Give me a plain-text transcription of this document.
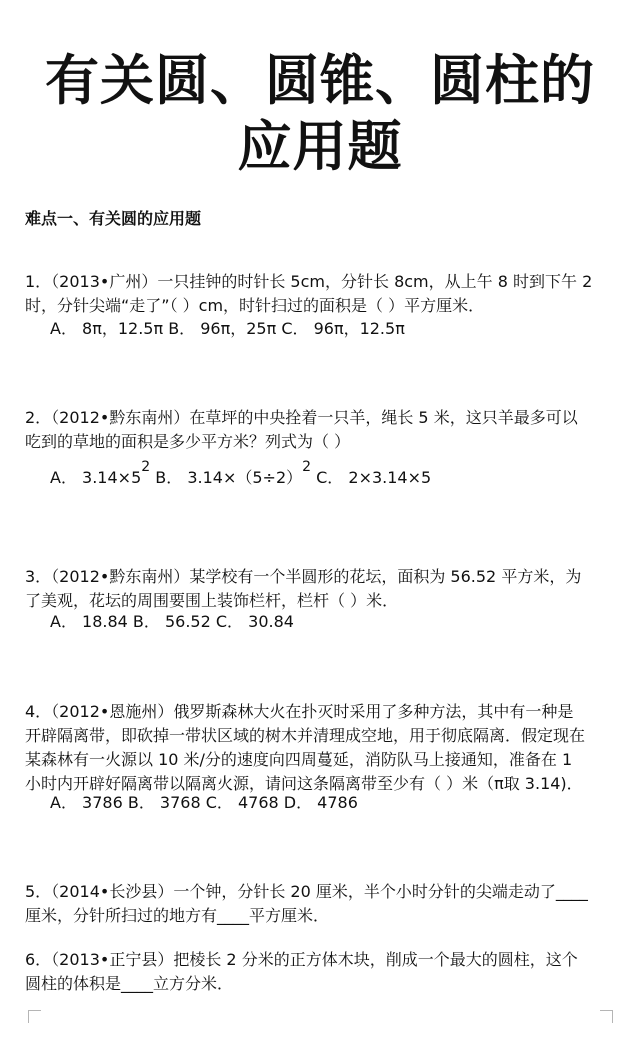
有关圆、圆锥、圆柱的
应用题
难点一、有关圆的应用题
1．（2013•广州）一只挂钟的时针长 5cm，分针长 8cm，从上午 8 时到下午 2
时，分针尖端“走了”（ ）cm，时针扫过的面积是（ ）平方厘米．
A． 8π，12.5π B． 96π，25π C． 96π，12.5π
2．（2012•黔东南州）在草坪的中央拴着一只羊，绳长 5 米，这只羊最多可以
吃到的草地的面积是多少平方米？列式为（ ）
A． 3.14×52 B． 3.14×（5÷2）2 C． 2×3.14×5
3．（2012•黔东南州）某学校有一个半圆形的花坛，面积为 56.52 平方米，为
了美观，花坛的周围要围上装饰栏杆，栏杆（ ）米．
A． 18.84 B． 56.52 C． 30.84
4．（2012•恩施州）俄罗斯森林大火在扑灭时采用了多种方法，其中有一种是
开辟隔离带，即砍掉一带状区域的树木并清理成空地，用于彻底隔离．假定现在
某森林有一火源以 10 米/分的速度向四周蔓延，消防队马上接通知，准备在 1
小时内开辟好隔离带以隔离火源，请问这条隔离带至少有（ ）米（π取 3.14)．
A． 3786 B． 3768 C． 4768 D． 4786
5．（2014•长沙县）一个钟，分针长 20 厘米，半个小时分针的尖端走动了____
厘米，分针所扫过的地方有____平方厘米．
6．（2013•正宁县）把棱长 2 分米的正方体木块，削成一个最大的圆柱，这个
圆柱的体积是____立方分米．
